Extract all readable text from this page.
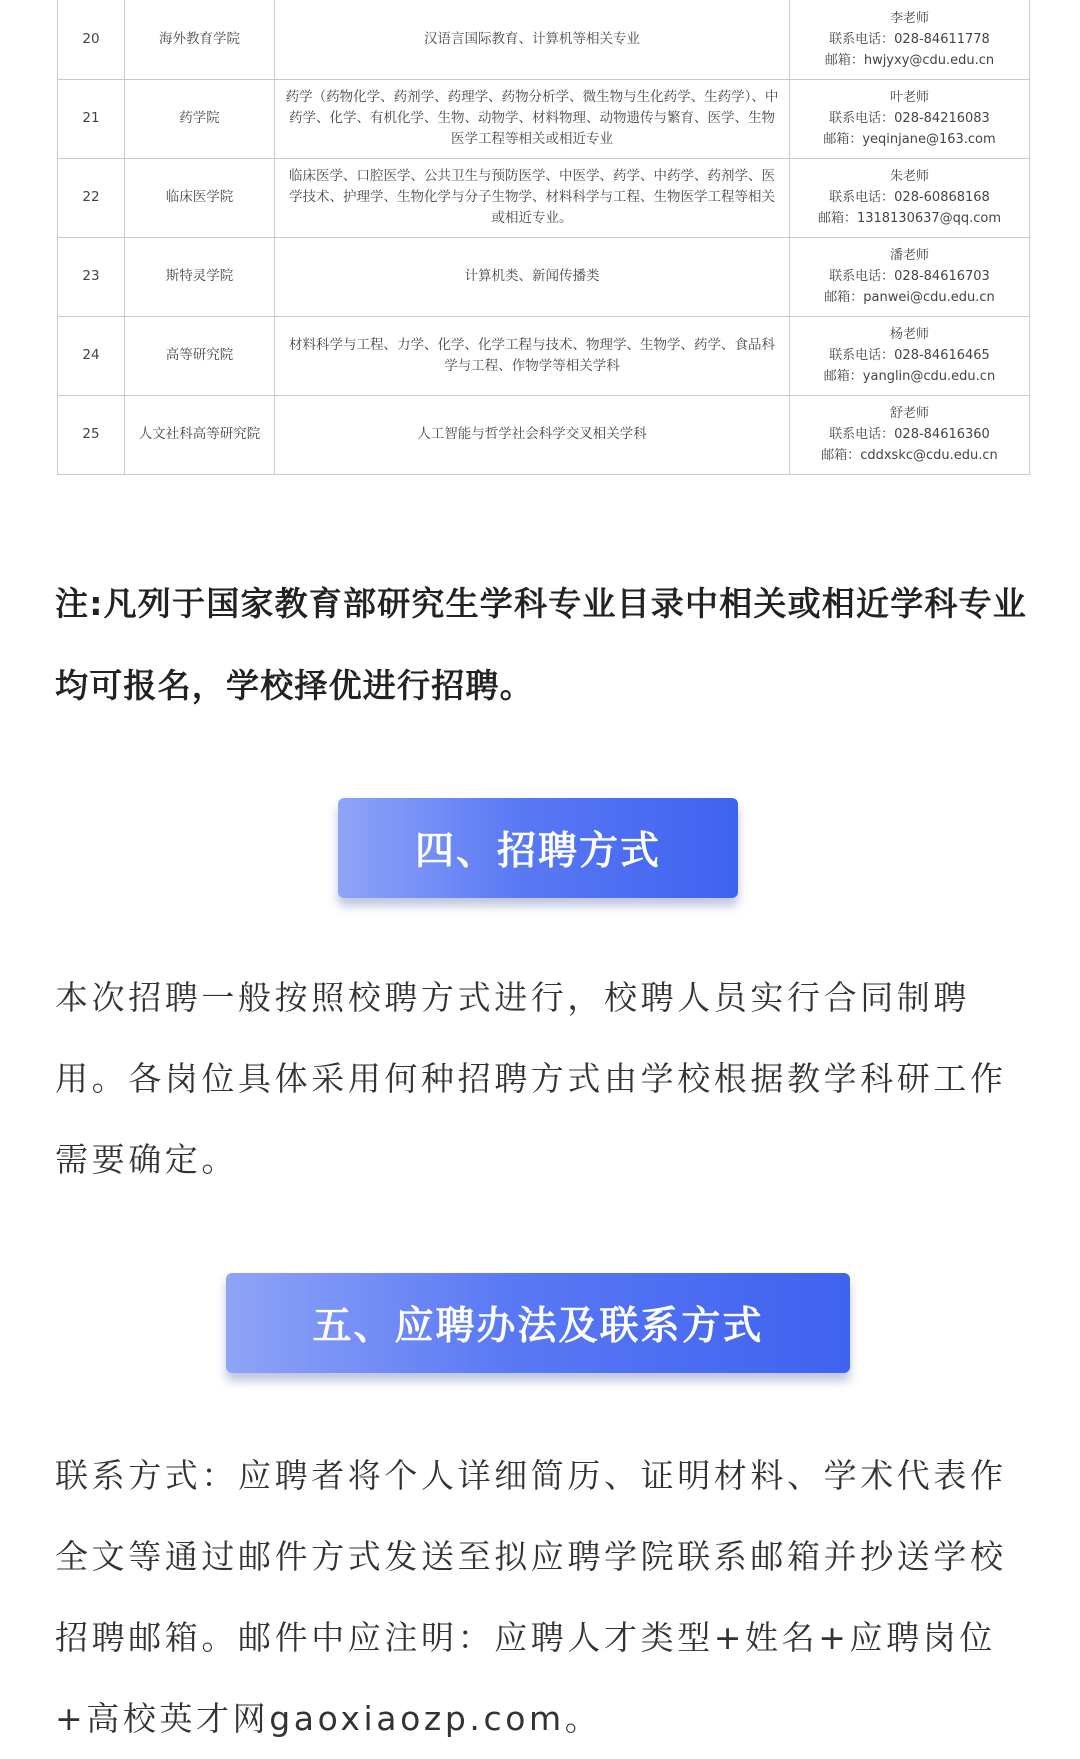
20	海外教育学院	汉语言国际教育、计算机等相关专业	李老师
联系电话：028-84611778
邮箱：hwjyxy@cdu.edu.cn

21	药学院	药学（药物化学、药剂学、药理学、药物分析学、微生物与生化药学、生药学）、中药学、化学、有机化学、生物、动物学、材料物理、动物遗传与繁育、医学、生物医学工程等相关或相近专业	叶老师
联系电话：028-84216083
邮箱：yeqinjane@163.com

22	临床医学院	临床医学、口腔医学、公共卫生与预防医学、中医学、药学、中药学、药剂学、医学技术、护理学、生物化学与分子生物学、材料科学与工程、生物医学工程等相关或相近专业。	朱老师
联系电话：028-60868168
邮箱：1318130637@qq.com

23	斯特灵学院	计算机类、新闻传播类	潘老师
联系电话：028-84616703
邮箱：panwei@cdu.edu.cn

24	高等研究院	材料科学与工程、力学、化学、化学工程与技术、物理学、生物学、药学、食品科学与工程、作物学等相关学科	杨老师
联系电话：028-84616465
邮箱：yanglin@cdu.edu.cn

25	人文社科高等研究院	人工智能与哲学社会科学交叉相关学科	舒老师
联系电话：028-84616360
邮箱：cddxskc@cdu.edu.cn

注:凡列于国家教育部研究生学科专业目录中相关或相近学科专业均可报名，学校择优进行招聘。

四、招聘方式

本次招聘一般按照校聘方式进行，校聘人员实行合同制聘用。各岗位具体采用何种招聘方式由学校根据教学科研工作需要确定。

五、应聘办法及联系方式

联系方式：应聘者将个人详细简历、证明材料、学术代表作全文等通过邮件方式发送至拟应聘学院联系邮箱并抄送学校招聘邮箱。邮件中应注明：应聘人才类型+姓名+应聘岗位+高校英才网gaoxiaozp.com。
